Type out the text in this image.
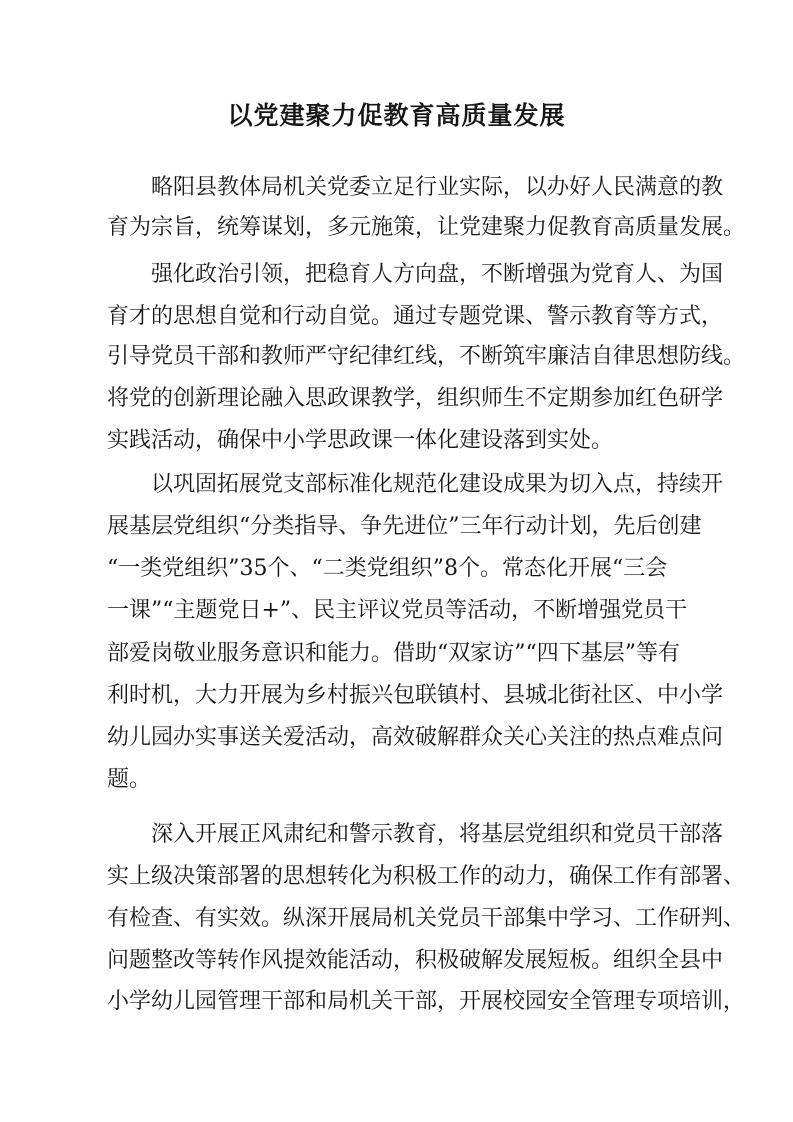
以党建聚力促教育高质量发展
　　略阳县教体局机关党委立足行业实际，以办好人民满意的教
育为宗旨，统筹谋划，多元施策，让党建聚力促教育高质量发展。
　　强化政治引领，把稳育人方向盘，不断增强为党育人、为国
育才的思想自觉和行动自觉。通过专题党课、警示教育等方式，
引导党员干部和教师严守纪律红线，不断筑牢廉洁自律思想防线。
将党的创新理论融入思政课教学，组织师生不定期参加红色研学
实践活动，确保中小学思政课一体化建设落到实处。
　　以巩固拓展党支部标准化规范化建设成果为切入点，持续开
展基层党组织“分类指导、争先进位”三年行动计划，先后创建
“一类党组织”35个、“二类党组织”8个。常态化开展“三会
一课”“主题党日+”、民主评议党员等活动，不断增强党员干
部爱岗敬业服务意识和能力。借助“双家访”“四下基层”等有
利时机，大力开展为乡村振兴包联镇村、县城北街社区、中小学
幼儿园办实事送关爱活动，高效破解群众关心关注的热点难点问
题。
　　深入开展正风肃纪和警示教育，将基层党组织和党员干部落
实上级决策部署的思想转化为积极工作的动力，确保工作有部署、
有检查、有实效。纵深开展局机关党员干部集中学习、工作研判、
问题整改等转作风提效能活动，积极破解发展短板。组织全县中
小学幼儿园管理干部和局机关干部，开展校园安全管理专项培训，
